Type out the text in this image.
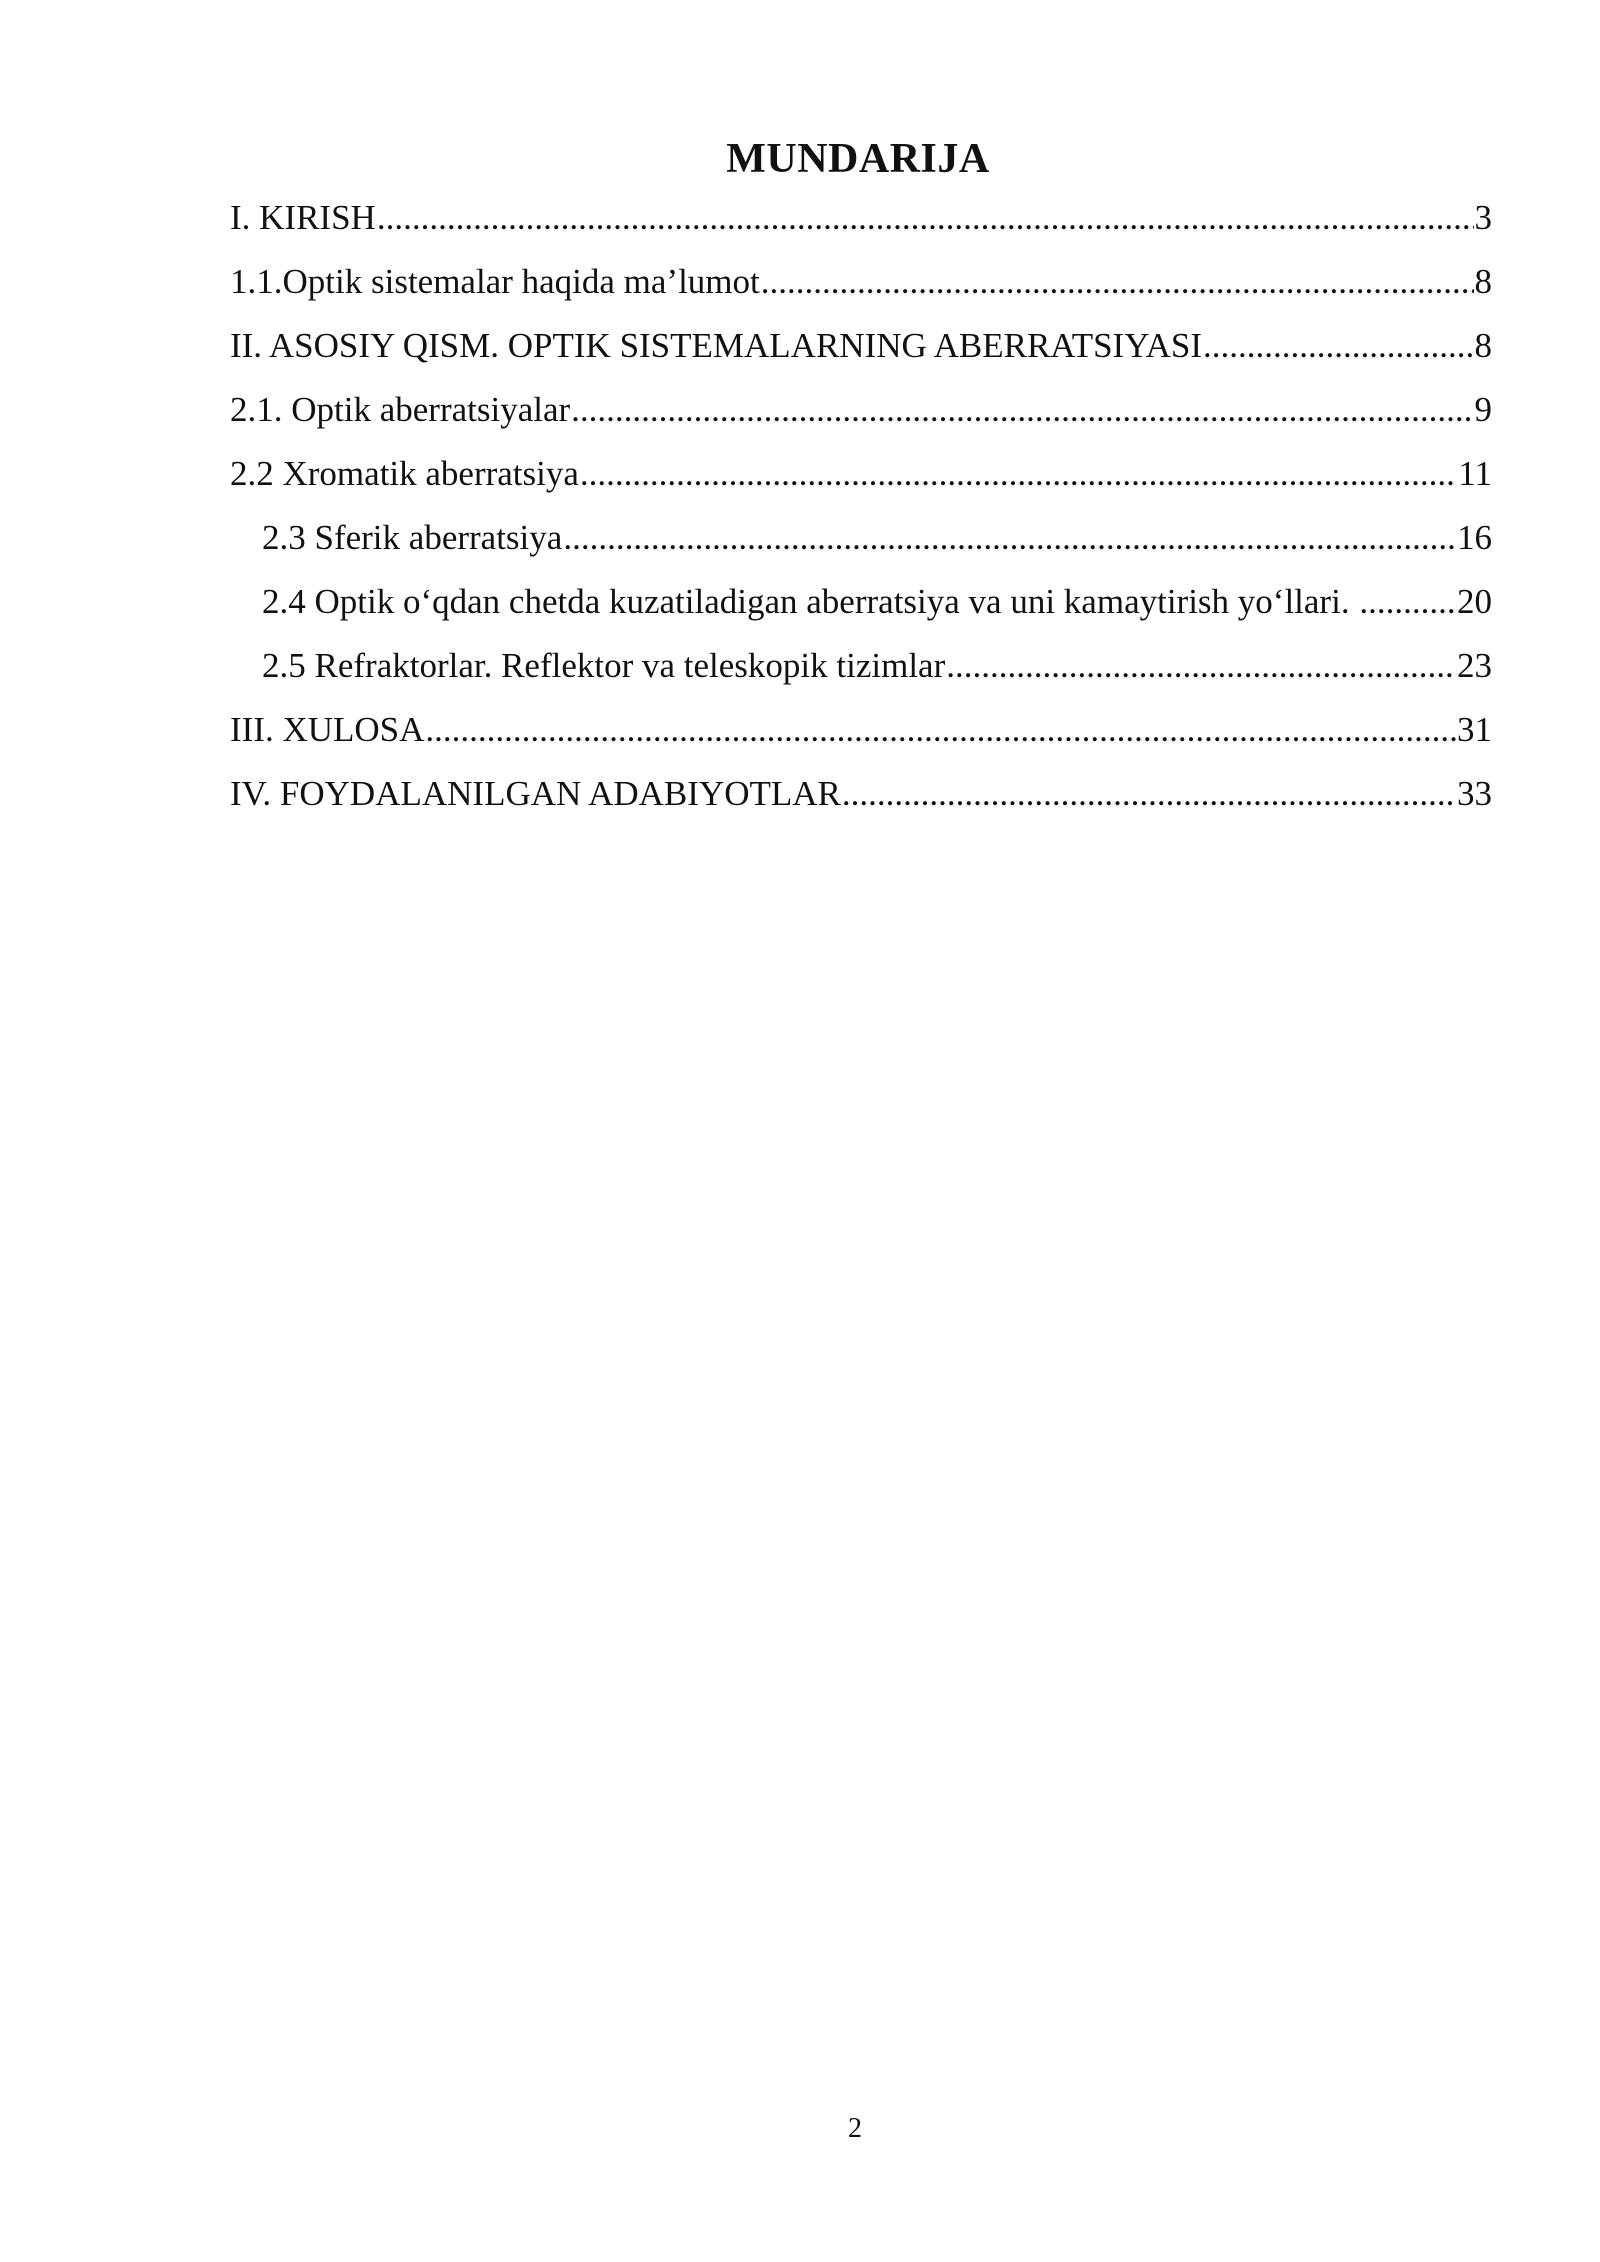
MUNDARIJA
I. KIRISH .....	3
1.1.Optik sistemalar haqida ma’lumot .....	8
II. ASOSIY QISM. OPTIK SISTEMALARNING ABERRATSIYASI .....	8
2.1. Optik aberratsiyalar .....	9
2.2 Xromatik aberratsiya .....	11
2.3 Sferik aberratsiya .....	16
2.4 Optik o‘qdan chetda kuzatiladigan aberratsiya va uni kamaytirish yo‘llari. .....	20
2.5 Refraktorlar. Reflektor va teleskopik tizimlar .....	23
III. XULOSA .....	31
IV. FOYDALANILGAN ADABIYOTLAR .....	33
2
